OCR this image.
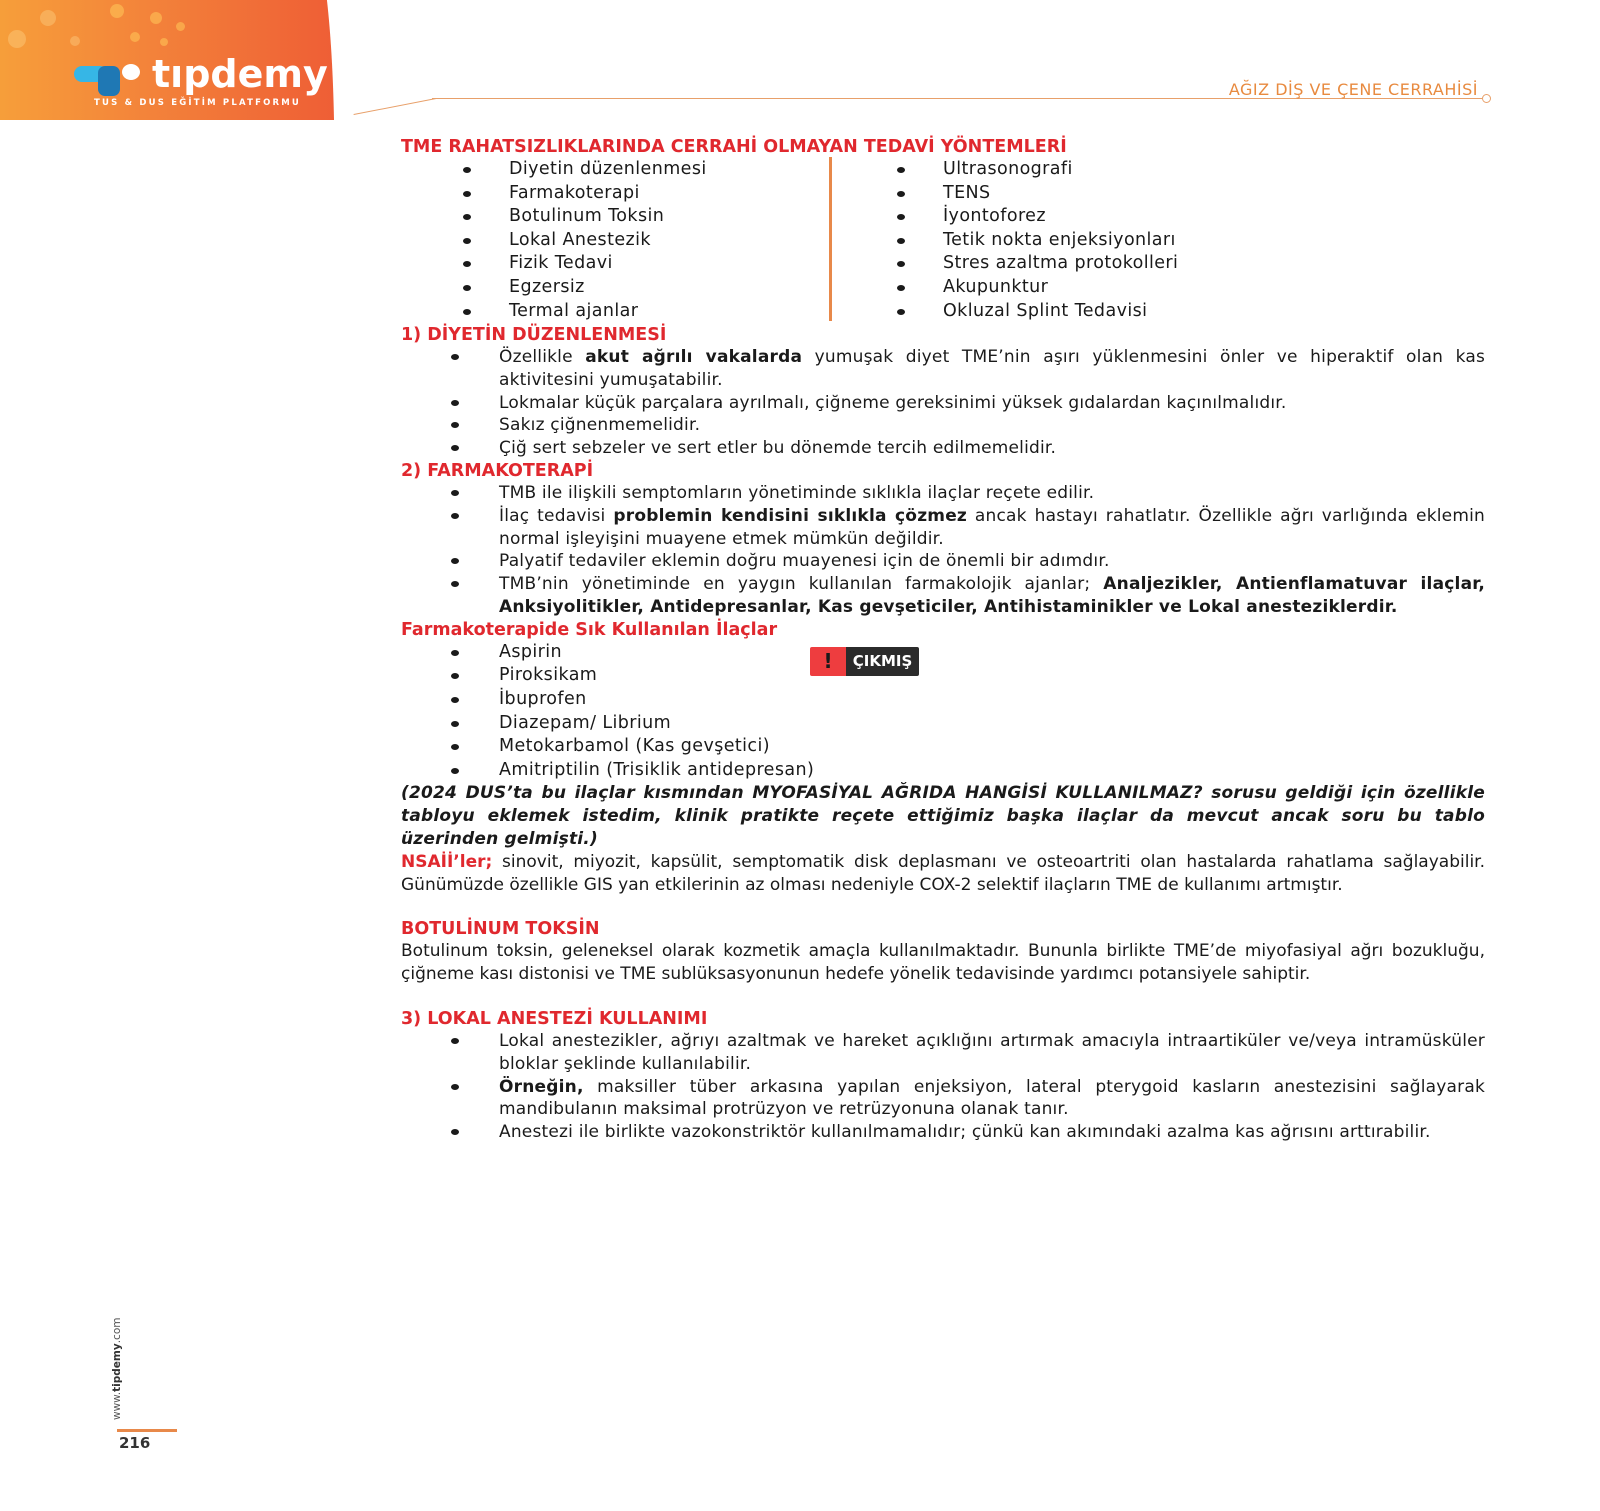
tıpdemy
TUS & DUS EĞİTİM PLATFORMU
AĞIZ DİŞ VE ÇENE CERRAHİSİ
TME RAHATSIZLIKLARINDA CERRAHİ OLMAYAN TEDAVİ YÖNTEMLERİ
Diyetin düzenlenmesi
Farmakoterapi
Botulinum Toksin
Lokal Anestezik
Fizik Tedavi
Egzersiz
Termal ajanlar
Ultrasonografi
TENS
İyontoforez
Tetik nokta enjeksiyonları
Stres azaltma protokolleri
Akupunktur
Okluzal Splint Tedavisi
1) DİYETİN DÜZENLENMESİ
Özellikle akut ağrılı vakalarda yumuşak diyet TME’nin aşırı yüklenmesini önler ve hiperaktif olan kas aktivitesini yumuşatabilir.
Lokmalar küçük parçalara ayrılmalı, çiğneme gereksinimi yüksek gıdalardan kaçınılmalıdır.
Sakız çiğnenmemelidir.
Çiğ sert sebzeler ve sert etler bu dönemde tercih edilmemelidir.
2) FARMAKOTERAPİ
TMB ile ilişkili semptomların yönetiminde sıklıkla ilaçlar reçete edilir.
İlaç tedavisi problemin kendisini sıklıkla çözmez ancak hastayı rahatlatır. Özellikle ağrı varlığında eklemin normal işleyişini muayene etmek mümkün değildir.
Palyatif tedaviler eklemin doğru muayenesi için de önemli bir adımdır.
TMB’nin yönetiminde en yaygın kullanılan farmakolojik ajanlar; Analjezikler, Antienflamatuvar ilaçlar, Anksiyolitikler, Antidepresanlar, Kas gevşeticiler, Antihistaminikler ve Lokal anesteziklerdir.
Farmakoterapide Sık Kullanılan İlaçlar
!	ÇIKMIŞ
Aspirin
Piroksikam
İbuprofen
Diazepam/ Librium
Metokarbamol (Kas gevşetici)
Amitriptilin (Trisiklik antidepresan)

(2024 DUS’ta bu ilaçlar kısmından MYOFASİYAL AĞRIDA HANGİSİ KULLANILMAZ? sorusu geldiği için özellikle tabloyu eklemek istedim, klinik pratikte reçete ettiğimiz başka ilaçlar da mevcut ancak soru bu tablo üzerinden gelmişti.)

NSAİİ’ler; sinovit, miyozit, kapsülit, semptomatik disk deplasmanı ve osteoartriti olan hastalarda rahatlama sağlayabilir. Günümüzde özellikle GIS yan etkilerinin az olması nedeniyle COX-2 selektif ilaçların TME de kullanımı artmıştır.

BOTULİNUM TOKSİN

Botulinum toksin, geleneksel olarak kozmetik amaçla kullanılmaktadır. Bununla birlikte TME’de miyofasiyal ağrı bozukluğu, çiğneme kası distonisi ve TME sublüksasyonunun hedefe yönelik tedavisinde yardımcı potansiyele sahiptir.

3) LOKAL ANESTEZİ KULLANIMI
Lokal anestezikler, ağrıyı azaltmak ve hareket açıklığını artırmak amacıyla intraartiküler ve/veya intramüsküler bloklar şeklinde kullanılabilir.
Örneğin, maksiller tüber arkasına yapılan enjeksiyon, lateral pterygoid kasların anestezisini sağlayarak mandibulanın maksimal protrüzyon ve retrüzyonuna olanak tanır.
Anestezi ile birlikte vazokonstriktör kullanılmamalıdır; çünkü kan akımındaki azalma kas ağrısını arttırabilir.
www.tipdemy.com
216
